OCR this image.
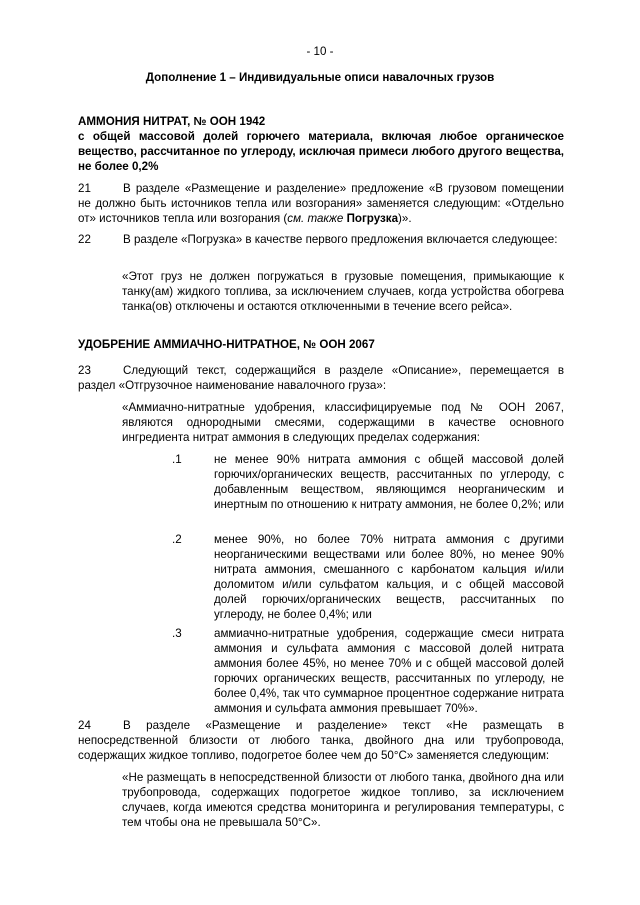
- 10 -
Дополнение 1 – Индивидуальные описи навалочных грузов
АММОНИЯ НИТРАТ, № ООН 1942
с общей массовой долей горючего материала, включая любое органическое вещество, рассчитанное по углероду, исключая примеси любого другого вещества, не более 0,2%
21	В разделе «Размещение и разделение» предложение «В грузовом помещении не должно быть источников тепла или возгорания» заменяется следующим: «Отдельно от» источников тепла или возгорания (см. также Погрузка)».
22	В разделе «Погрузка» в качестве первого предложения включается следующее:
«Этот груз не должен погружаться в грузовые помещения, примыкающие к танку(ам) жидкого топлива, за исключением случаев, когда устройства обогрева танка(ов) отключены и остаются отключенными в течение всего рейса».
УДОБРЕНИЕ АММИАЧНО-НИТРАТНОЕ, № ООН 2067
23	Следующий текст, содержащийся в разделе «Описание», перемещается в раздел «Отгрузочное наименование навалочного груза»:
«Аммиачно-нитратные удобрения, классифицируемые под № ООН 2067, являются однородными смесями, содержащими в качестве основного ингредиента нитрат аммония в следующих пределах содержания:
.1	не менее 90% нитрата аммония с общей массовой долей горючих/органических веществ, рассчитанных по углероду, с добавленным веществом, являющимся неорганическим и инертным по отношению к нитрату аммония, не более 0,2%; или
.2	менее 90%, но более 70% нитрата аммония с другими неорганическими веществами или более 80%, но менее 90% нитрата аммония, смешанного с карбонатом кальция и/или доломитом и/или сульфатом кальция, и с общей массовой долей горючих/органических веществ, рассчитанных по углероду, не более 0,4%; или
.3	аммиачно-нитратные удобрения, содержащие смеси нитрата аммония и сульфата аммония с массовой долей нитрата аммония более 45%, но менее 70% и с общей массовой долей горючих органических веществ, рассчитанных по углероду, не более 0,4%, так что суммарное процентное содержание нитрата аммония и сульфата аммония превышает 70%».
24	В разделе «Размещение и разделение» текст «Не размещать в непосредственной близости от любого танка, двойного дна или трубопровода, содержащих жидкое топливо, подогретое более чем до 50°C» заменяется следующим:
«Не размещать в непосредственной близости от любого танка, двойного дна или трубопровода, содержащих подогретое жидкое топливо, за исключением случаев, когда имеются средства мониторинга и регулирования температуры, с тем чтобы она не превышала 50°C».
